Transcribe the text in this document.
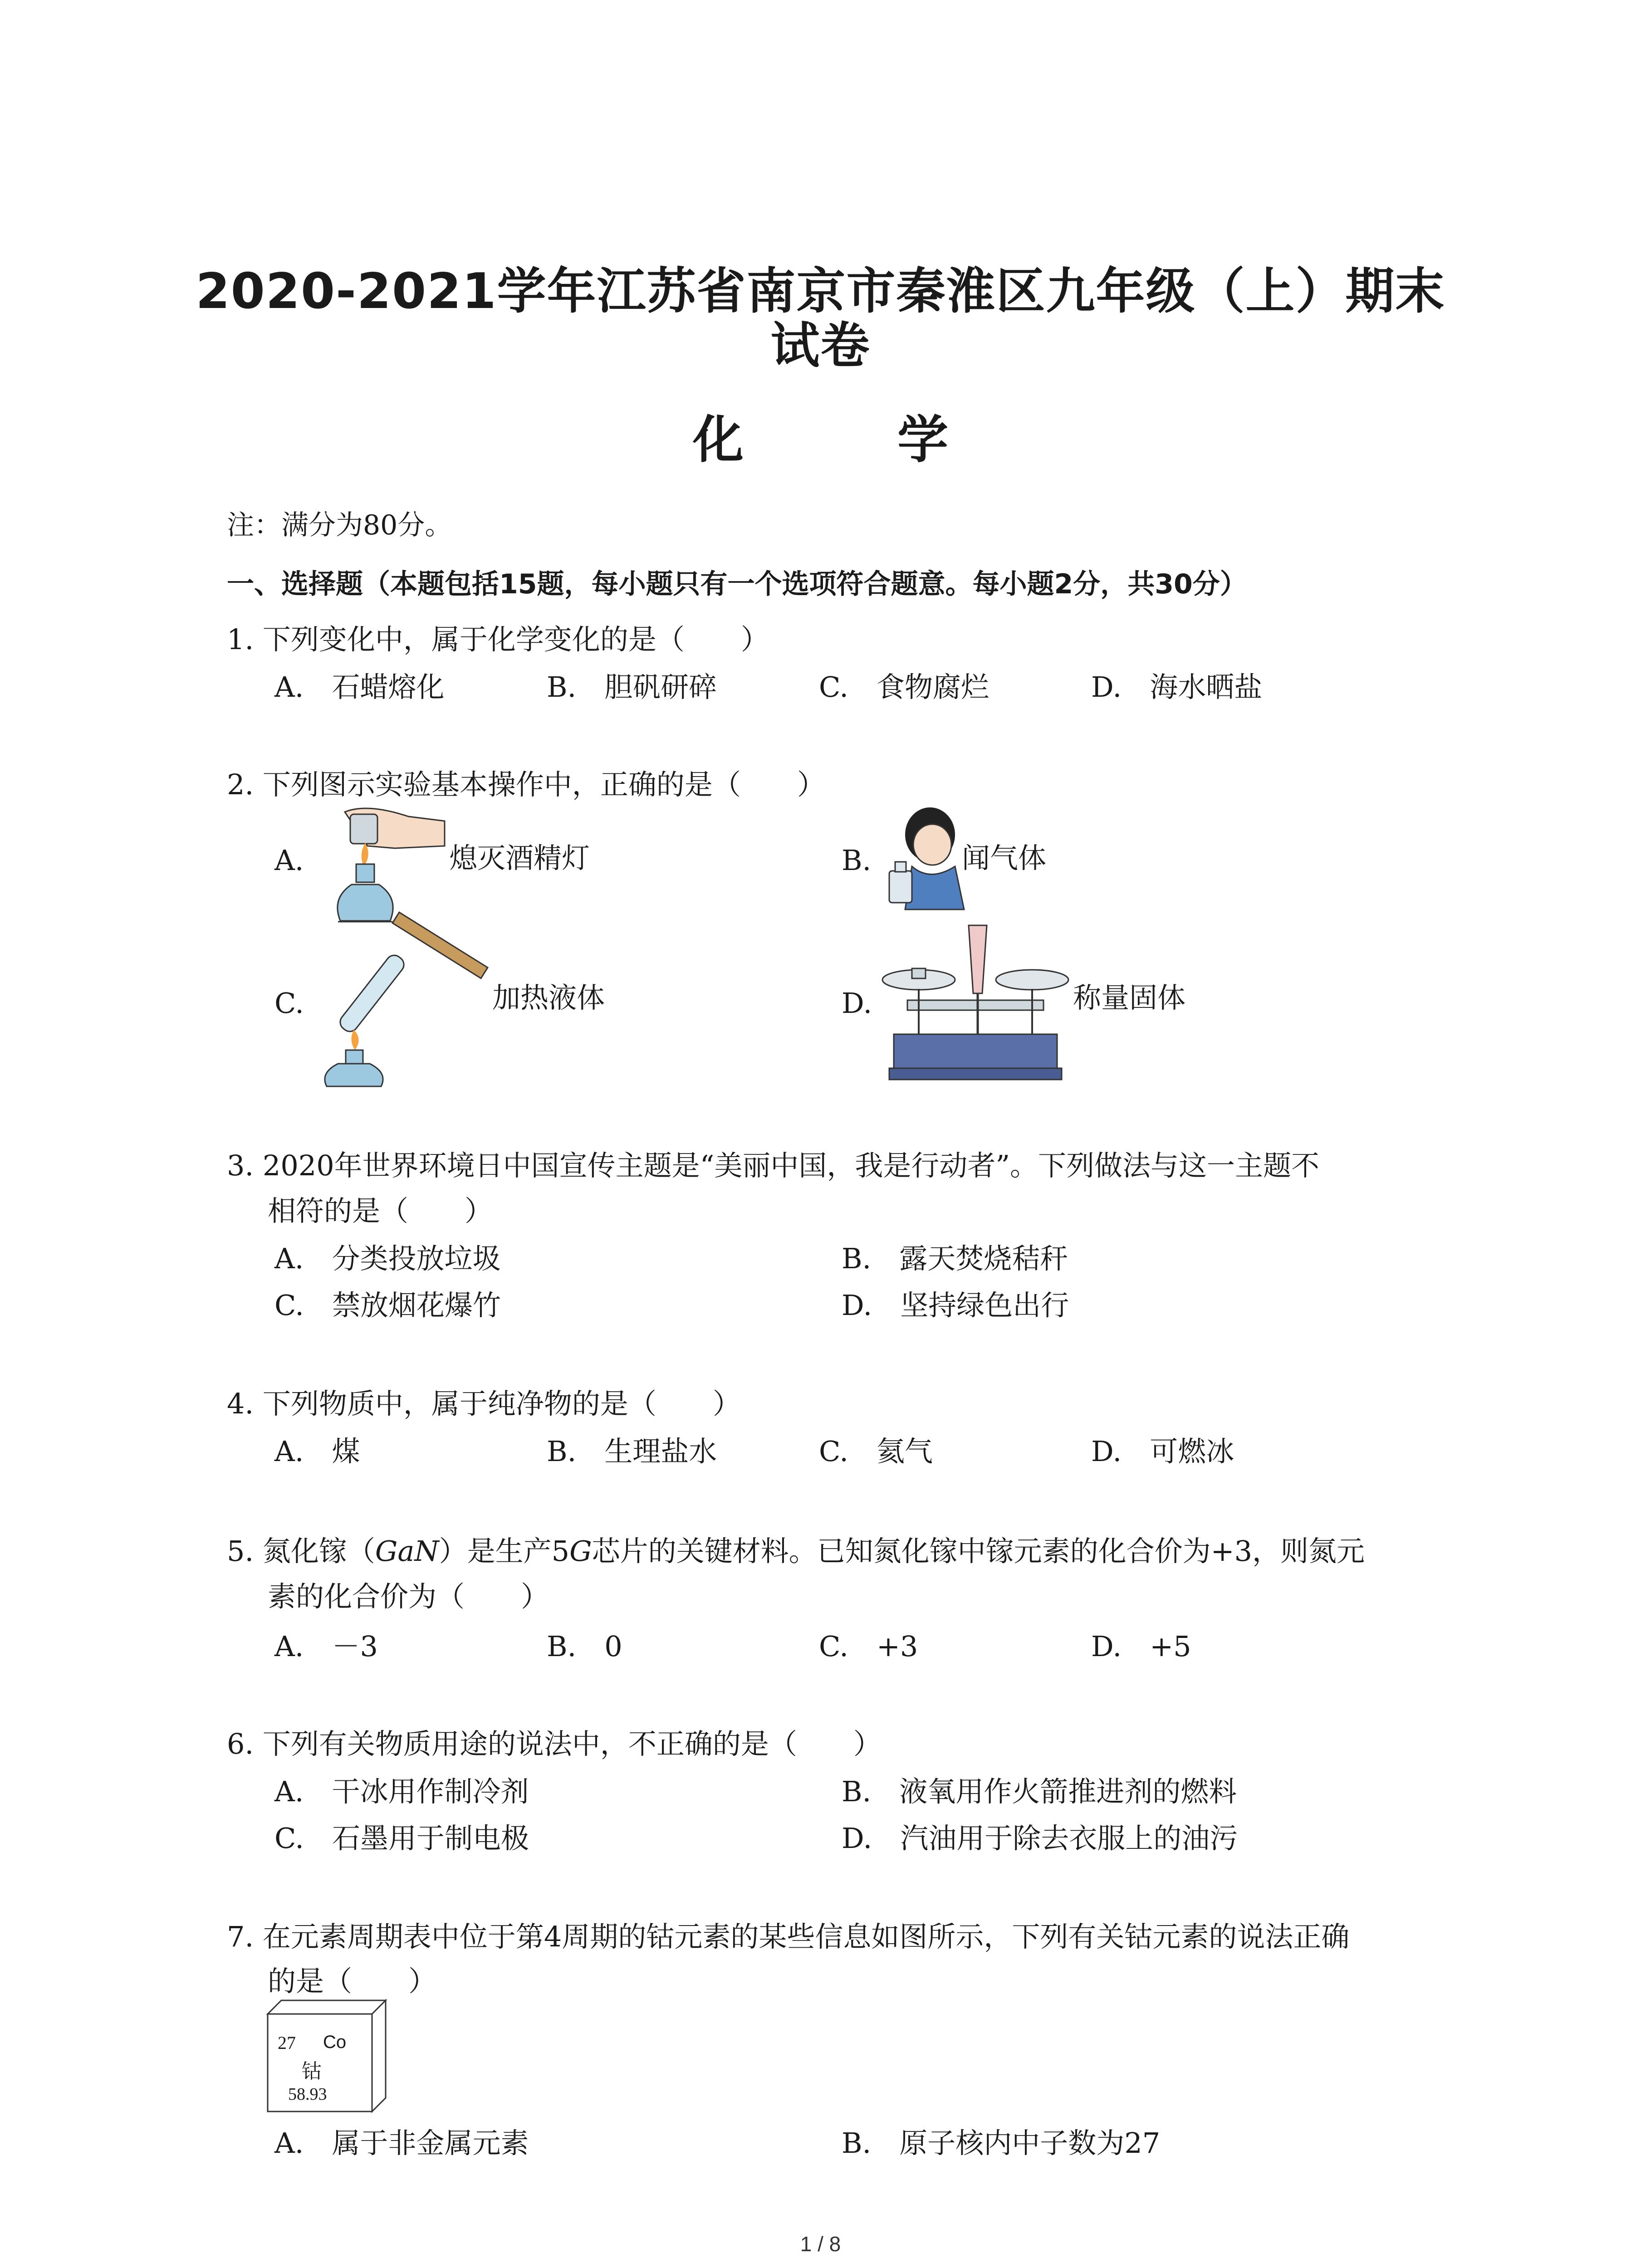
2020-2021学年江苏省南京市秦淮区九年级（上）期末
试卷
化 学
注：满分为80分。
一、选择题（本题包括15题，每小题只有一个选项符合题意。每小题2分，共30分）
1. 下列变化中，属于化学变化的是（　　）
A.　 石蜡熔化	B.　 胆矾研碎	C.　 食物腐烂	D.　 海水晒盐
2. 下列图示实验基本操作中，正确的是（　　）
A.	熄灭酒精灯	B.	闻气体
C.	加热液体	D.	称量固体
3. 2020年世界环境日中国宣传主题是“美丽中国，我是行动者”。下列做法与这一主题不
相符的是（　　）
A.　 分类投放垃圾	B.　 露天焚烧秸秆
C.　 禁放烟花爆竹	D.　 坚持绿色出行
4. 下列物质中，属于纯净物的是（　　）
A.　 煤	B.　 生理盐水	C.　 氦气	D.　 可燃冰
5. 氮化镓（GaN）是生产5G芯片的关键材料。已知氮化镓中镓元素的化合价为+3，则氮元
素的化合价为（　　）
A.　 －3	B.　 0	C.　 +3	D.　 +5
6. 下列有关物质用途的说法中，不正确的是（　　）
A.　 干冰用作制冷剂	B.　 液氧用作火箭推进剂的燃料
C.　 石墨用于制电极	D.　 汽油用于除去衣服上的油污
7. 在元素周期表中位于第4周期的钴元素的某些信息如图所示，下列有关钴元素的说法正确
的是（　　）
27 Co
钴
58.93
A.　 属于非金属元素	B.　 原子核内中子数为27
1 / 8
